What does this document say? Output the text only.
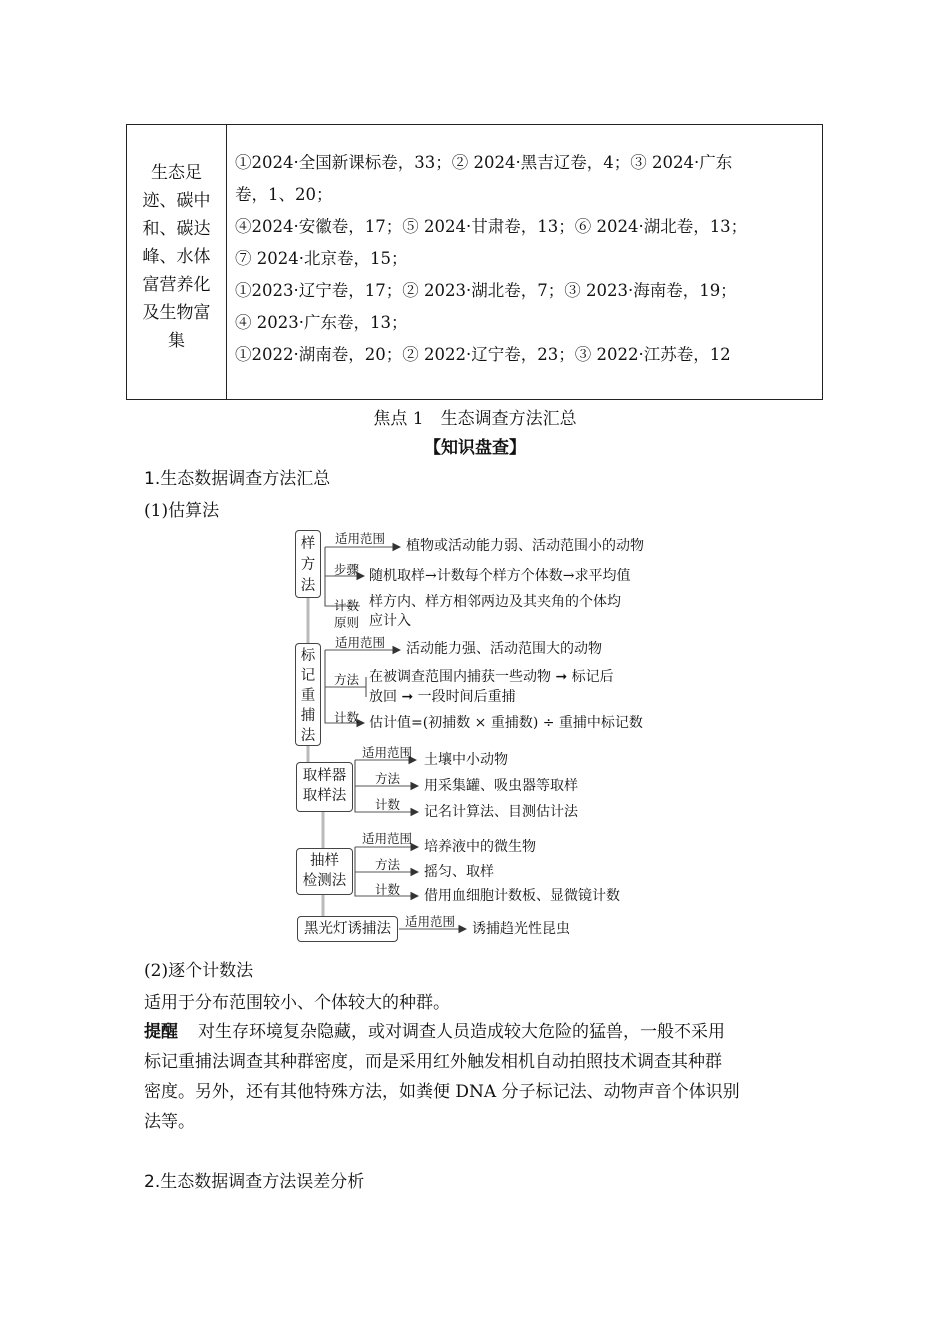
生态足
迹、碳中
和、碳达
峰、水体
富营养化
及生物富
集
①2024·全国新课标卷，33；② 2024·黑吉辽卷，4；③ 2024·广东
卷，1、20；
④2024·安徽卷，17；⑤ 2024·甘肃卷，13；⑥ 2024·湖北卷，13；
⑦ 2024·北京卷，15；
①2023·辽宁卷，17；② 2023·湖北卷，7；③ 2023·海南卷，19；
④ 2023·广东卷，13；
①2022·湖南卷，20；② 2022·辽宁卷，23；③ 2022·江苏卷，12
焦点 1　生态调查方法汇总
【知识盘查】
1.生态数据调查方法汇总
(1)估算法
样
方
法
适用范围 植物或活动能力弱、活动范围小的动物
步骤 随机取样→计数每个样方个体数→求平均值
计数
原则
样方内、样方相邻两边及其夹角的个体均
应计入
标
记
重
捕
法
适用范围 活动能力强、活动范围大的动物
方法 在被调查范围内捕获一些动物 ➞ 标记后
放回 ➞ 一段时间后重捕
计数 估计值=(初捕数 × 重捕数) ÷ 重捕中标记数
取样器
取样法
适用范围 土壤中小动物
方法 用采集罐、吸虫器等取样
计数 记名计算法、目测估计法
抽样
检测法
适用范围
培养液中的微生物
方法 摇匀、取样
计数 借用血细胞计数板、显微镜计数
黑光灯诱捕法	适用范围 诱捕趋光性昆虫
(2)逐个计数法
适用于分布范围较小、个体较大的种群。
提醒 对生存环境复杂隐藏，或对调查人员造成较大危险的猛兽，一般不采用
标记重捕法调查其种群密度，而是采用红外触发相机自动拍照技术调查其种群
密度。另外，还有其他特殊方法，如粪便 DNA 分子标记法、动物声音个体识别
法等。
2.生态数据调查方法误差分析
